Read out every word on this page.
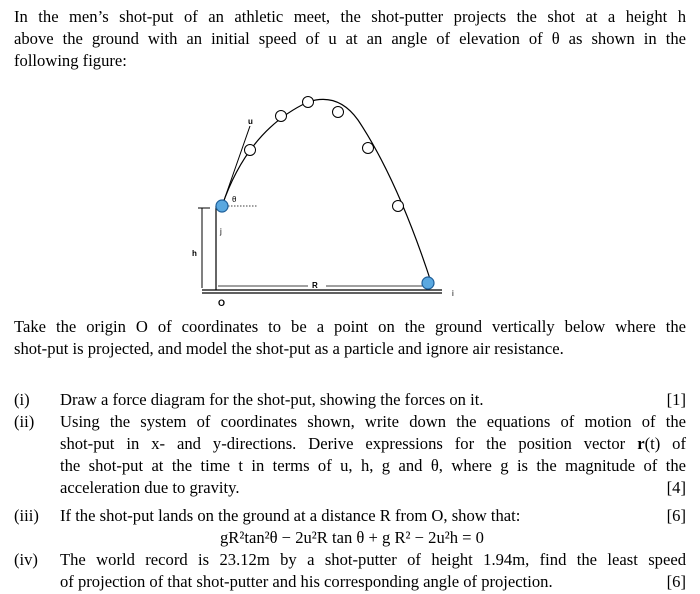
In the men’s shot-put of an athletic meet, the shot-putter projects the shot at a height h
above the ground with an initial speed of u at an angle of elevation of θ as shown in the
following figure:
u
θ
j
h
R
i
O
Take the origin O of coordinates to be a point on the ground vertically below where the
shot-put is projected, and model the shot-put as a particle and ignore air resistance.
(i) Draw a force diagram for the shot-put, showing the forces on it.	[1]
(ii) Using the system of coordinates shown, write down the equations of motion of the
shot-put in x- and y-directions. Derive expressions for the position vector r(t) of
the shot-put at the time t in terms of u, h, g and θ, where g is the magnitude of the
acceleration due to gravity.	[4]
(iii) If the shot-put lands on the ground at a distance R from O, show that:	[6]
gR²tan²θ − 2u²R tan θ + g R² − 2u²h = 0
(iv) The world record is 23.12m by a shot-putter of height 1.94m, find the least speed
of projection of that shot-putter and his corresponding angle of projection.	[6]
